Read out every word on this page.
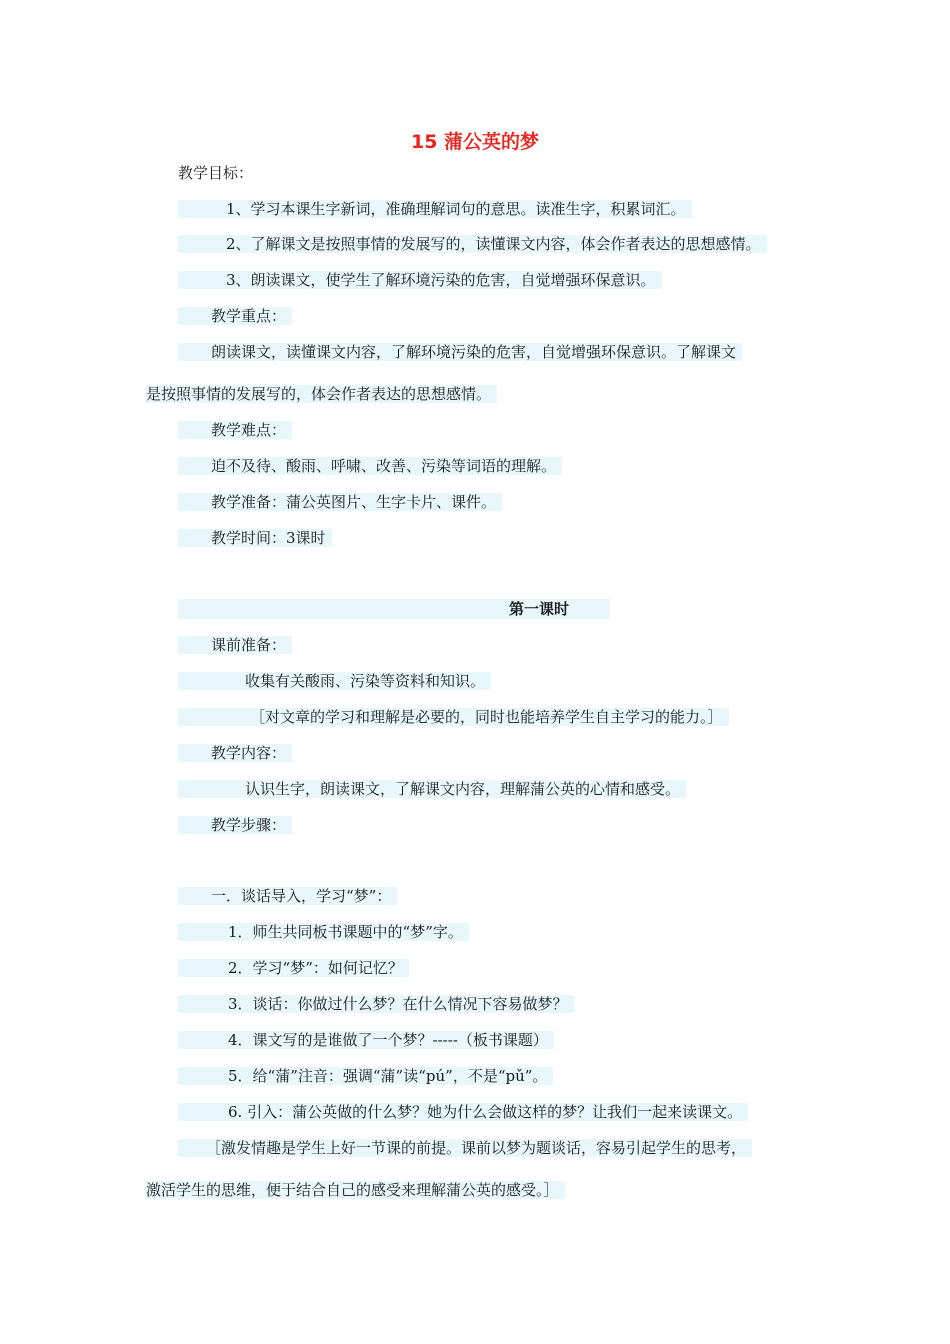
15 蒲公英的梦
教学目标：
1、学习本课生字新词，准确理解词句的意思。读准生字，积累词汇。
2、了解课文是按照事情的发展写的，读懂课文内容，体会作者表达的思想感情。
3、朗读课文，使学生了解环境污染的危害，自觉增强环保意识。
教学重点：
朗读课文，读懂课文内容，了解环境污染的危害，自觉增强环保意识。了解课文
是按照事情的发展写的，体会作者表达的思想感情。
教学难点：
迫不及待、酸雨、呼啸、改善、污染等词语的理解。
教学准备：蒲公英图片、生字卡片、课件。
教学时间：3课时
第一课时
课前准备：
收集有关酸雨、污染等资料和知识。
［对文章的学习和理解是必要的，同时也能培养学生自主学习的能力。］
教学内容：
认识生字，朗读课文，了解课文内容，理解蒲公英的心情和感受。
教学步骤：
一．谈话导入，学习“梦”：
1．师生共同板书课题中的“梦”字。
2．学习“梦”：如何记忆？
3．谈话：你做过什么梦？在什么情况下容易做梦？
4．课文写的是谁做了一个梦？-----（板书课题）
5．给“蒲”注音：强调“蒲”读“pú”，不是“pǔ”。
6. 引入：蒲公英做的什么梦？她为什么会做这样的梦？让我们一起来读课文。
［激发情趣是学生上好一节课的前提。课前以梦为题谈话，容易引起学生的思考，
激活学生的思维，便于结合自己的感受来理解蒲公英的感受。］
